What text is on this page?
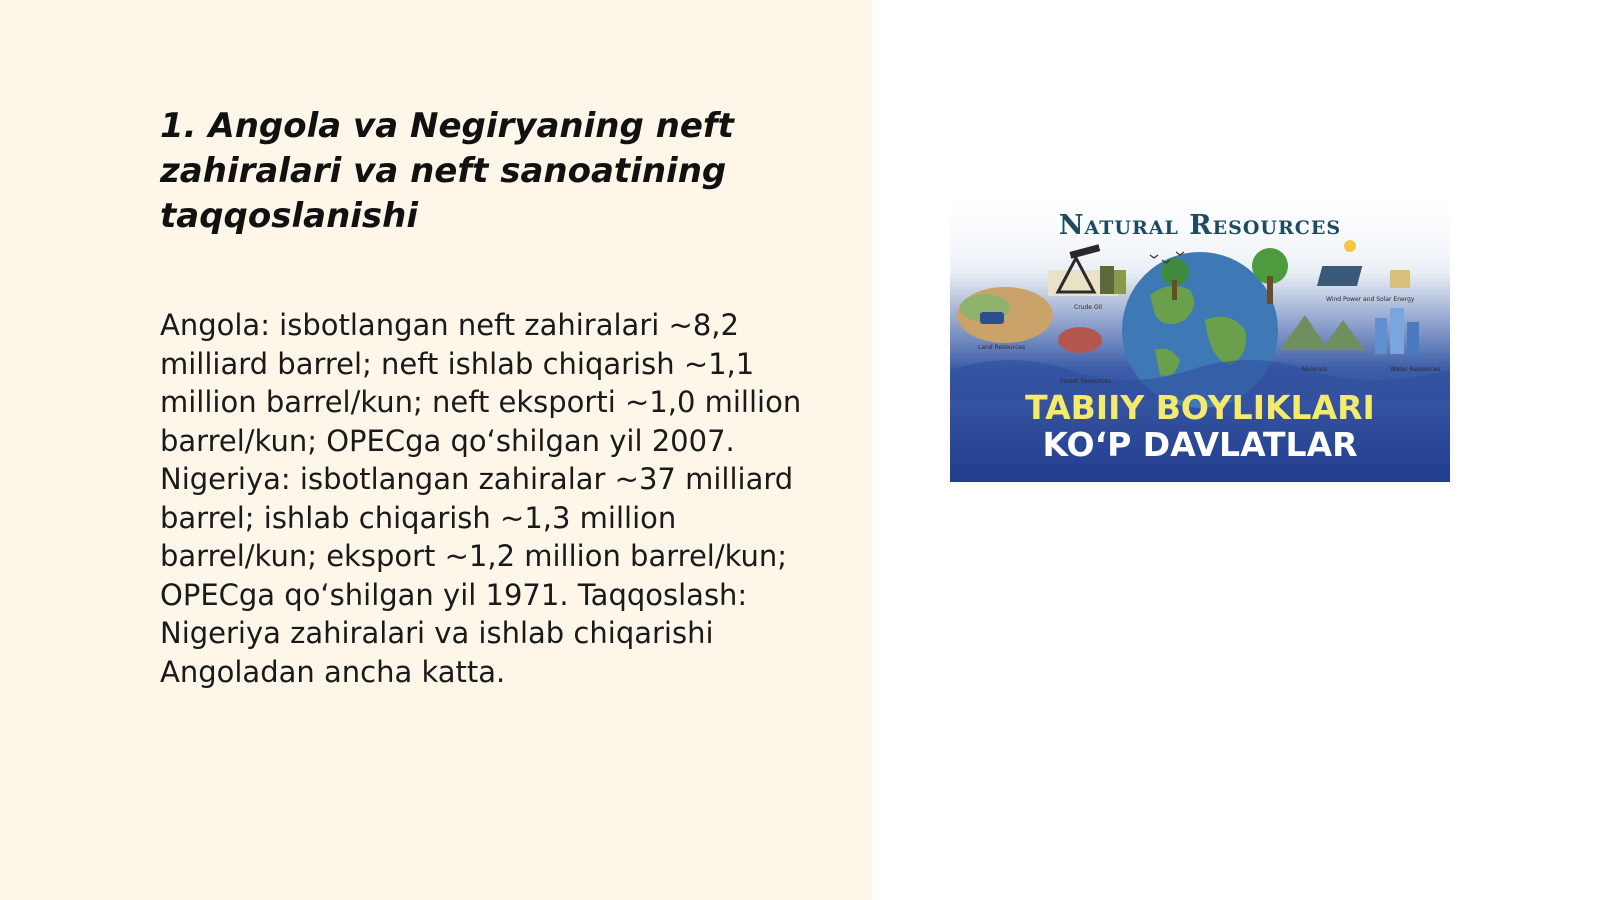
1. Angola va Negiryaning neft zahiralari va neft sanoatining taqqoslanishi

Angola: isbotlangan neft zahiralari ~8,2 milliard barrel; neft ishlab chiqarish ~1,1 million barrel/kun; neft eksporti ~1,0 million barrel/kun; OPECga qo‘shilgan yil 2007. Nigeriya: isbotlangan zahiralar ~37 milliard barrel; ishlab chiqarish ~1,3 million barrel/kun; eksport ~1,2 million barrel/kun; OPECga qo‘shilgan yil 1971. Taqqoslash: Nigeriya zahiralari va ishlab chiqarishi Angoladan ancha katta.

Natural Resources
Crude Oil
Wind Power and Solar Energy
Land Resources
Forest Resources
Minerals	Water Resources
TABIIY BOYLIKLARI
KO‘P DAVLATLAR
